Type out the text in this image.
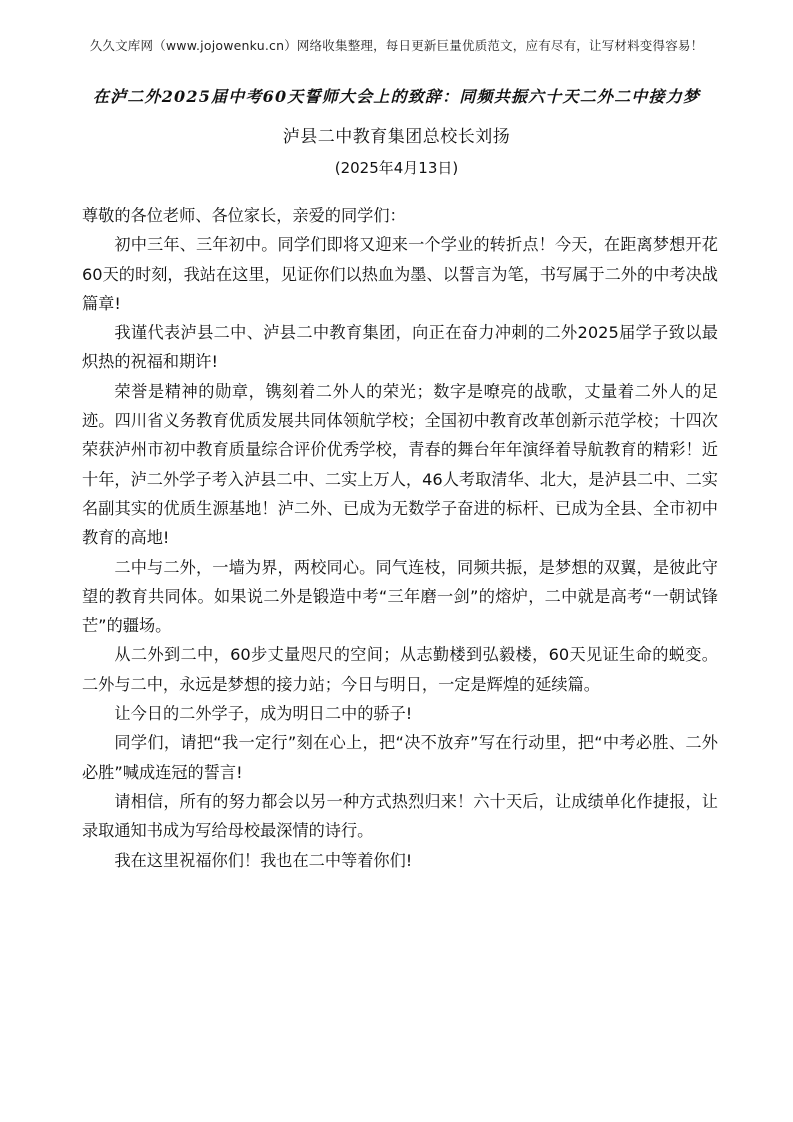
久久文库网（www.jojowenku.cn）网络收集整理，每日更新巨量优质范文，应有尽有，让写材料变得容易！
在泸二外2025届中考60天誓师大会上的致辞：同频共振六十天二外二中接力梦
泸县二中教育集团总校长刘扬
(2025年4月13日)

尊敬的各位老师、各位家长，亲爱的同学们：

初中三年、三年初中。同学们即将又迎来一个学业的转折点！今天，在距离梦想开花60天的时刻，我站在这里，见证你们以热血为墨、以誓言为笔，书写属于二外的中考决战篇章!

我谨代表泸县二中、泸县二中教育集团，向正在奋力冲刺的二外2025届学子致以最炽热的祝福和期许!

荣誉是精神的勋章，镌刻着二外人的荣光；数字是嘹亮的战歌，丈量着二外人的足迹。四川省义务教育优质发展共同体领航学校；全国初中教育改革创新示范学校；十四次荣获泸州市初中教育质量综合评价优秀学校，青春的舞台年年演绎着导航教育的精彩！近十年，泸二外学子考入泸县二中、二实上万人，46人考取清华、北大，是泸县二中、二实名副其实的优质生源基地！泸二外、已成为无数学子奋进的标杆、已成为全县、全市初中教育的高地!

二中与二外，一墙为界，两校同心。同气连枝，同频共振，是梦想的双翼，是彼此守望的教育共同体。如果说二外是锻造中考“三年磨一剑”的熔炉，二中就是高考“一朝试锋芒”的疆场。

从二外到二中，60步丈量咫尺的空间；从志勤楼到弘毅楼，60天见证生命的蜕变。二外与二中，永远是梦想的接力站；今日与明日，一定是辉煌的延续篇。

让今日的二外学子，成为明日二中的骄子!

同学们，请把“我一定行”刻在心上，把“决不放弃”写在行动里，把“中考必胜、二外必胜”喊成连冠的誓言!

请相信，所有的努力都会以另一种方式热烈归来！六十天后，让成绩单化作捷报，让录取通知书成为写给母校最深情的诗行。

我在这里祝福你们！我也在二中等着你们!
